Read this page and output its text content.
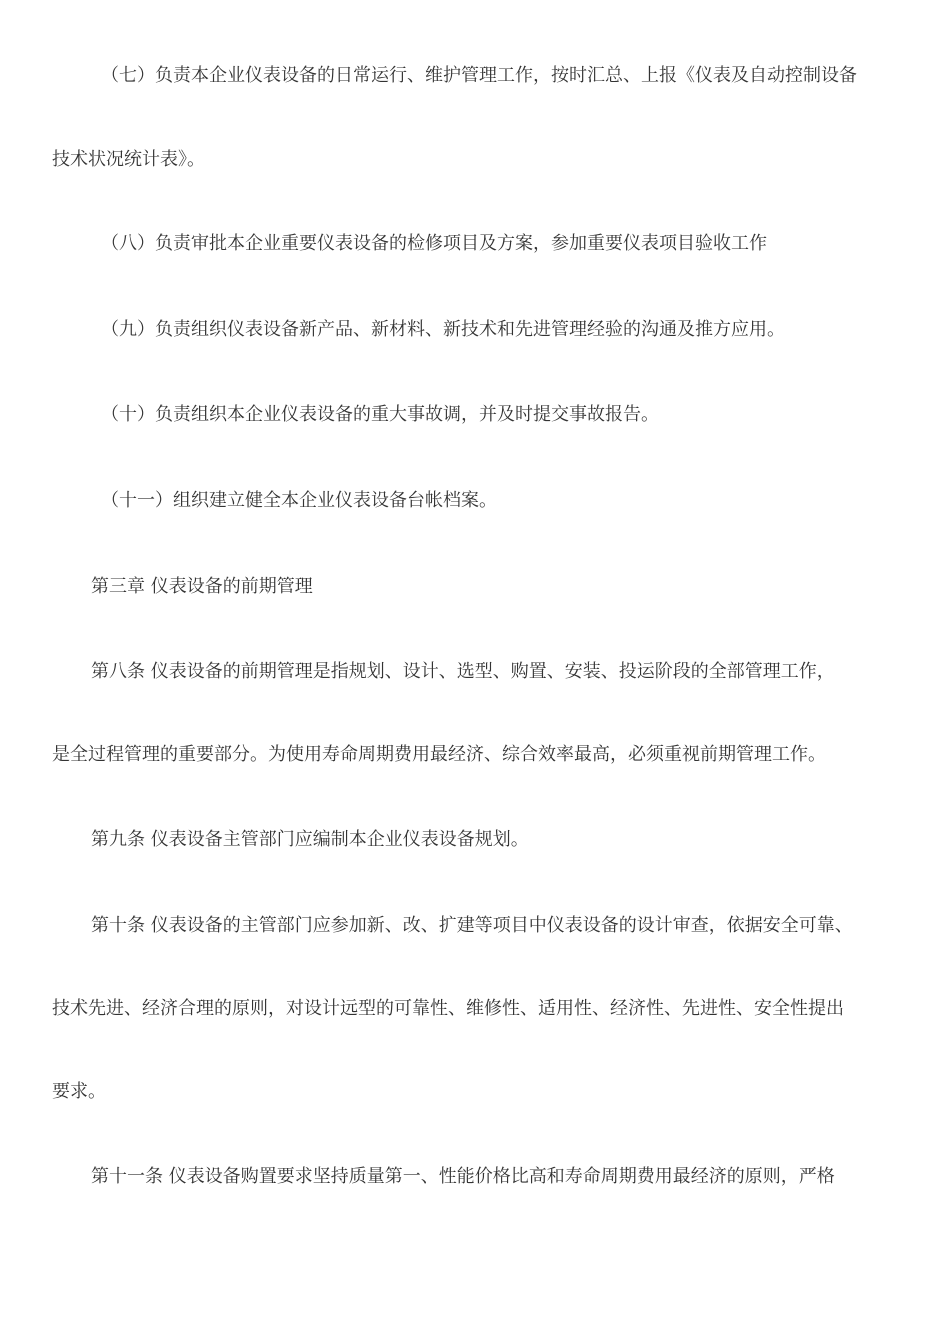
（七）负责本企业仪表设备的日常运行、维护管理工作，按时汇总、上报《仪表及自动控制设备
技术状况统计表》。
（八）负责审批本企业重要仪表设备的检修项目及方案，参加重要仪表项目验收工作
（九）负责组织仪表设备新产品、新材料、新技术和先进管理经验的沟通及推方应用。
（十）负责组织本企业仪表设备的重大事故调，并及时提交事故报告。
（十一）组织建立健全本企业仪表设备台帐档案。
第三章 仪表设备的前期管理
第八条 仪表设备的前期管理是指规划、设计、选型、购置、安装、投运阶段的全部管理工作，
是全过程管理的重要部分。为使用寿命周期费用最经济、综合效率最高，必须重视前期管理工作。
第九条 仪表设备主管部门应编制本企业仪表设备规划。
第十条 仪表设备的主管部门应参加新、改、扩建等项目中仪表设备的设计审查，依据安全可靠、
技术先进、经济合理的原则，对设计远型的可靠性、维修性、适用性、经济性、先进性、安全性提出
要求。
第十一条 仪表设备购置要求坚持质量第一、性能价格比高和寿命周期费用最经济的原则，严格
